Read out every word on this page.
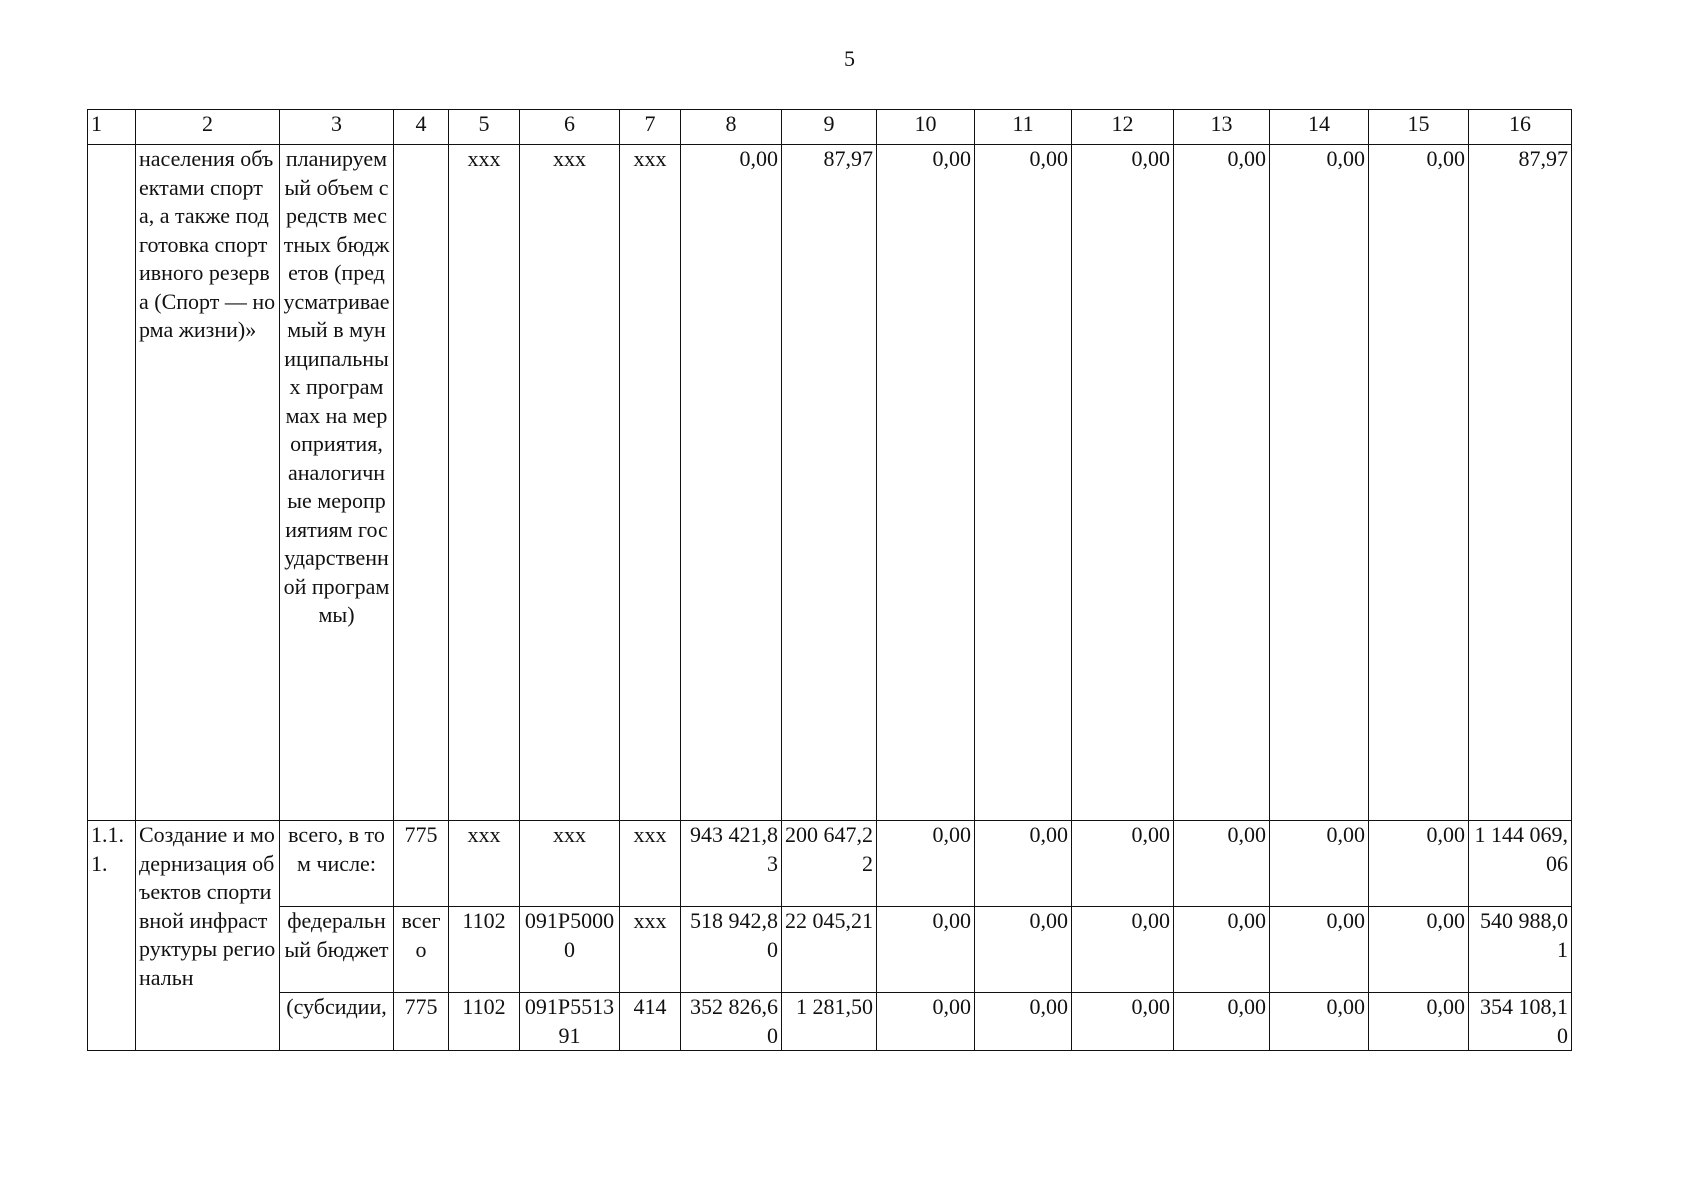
5
1	2	3	4	5	6	7	8	9	10	11	12	13	14	15	16
	населения объектами спорта, а также подготовка спортивного резерва (Спорт — норма жизни)»	планируемый объем средств местных бюджетов (предусматриваемый в муниципальных программах на мероприятия, аналогичные мероприятиям государственной программы)		ххх	ххх	ххх	0,00	87,97	0,00	0,00	0,00	0,00	0,00	0,00	87,97
1.1.1.	Создание и модернизация объектов спортивной инфраструктуры региональн	всего, в том числе:	775	ххх	ххх	ххх	943 421,83	200 647,22	0,00	0,00	0,00	0,00	0,00	0,00	1 144 069,06
		федеральный бюджет	всего	1102	091Р50000	ххх	518 942,80	22 045,21	0,00	0,00	0,00	0,00	0,00	0,00	540 988,01
		(субсидии,	775	1102	091Р551391	414	352 826,60	1 281,50	0,00	0,00	0,00	0,00	0,00	0,00	354 108,10
